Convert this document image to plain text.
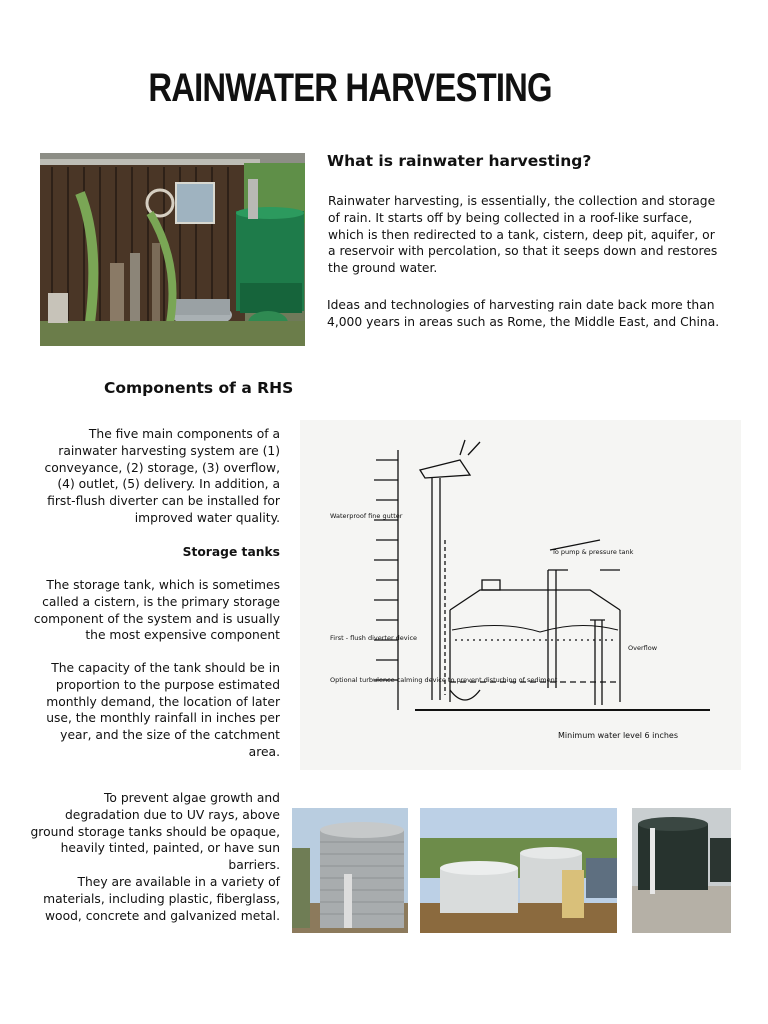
RAINWATER HARVESTING
What is rainwater harvesting?

Rainwater harvesting, is essentially, the collection and storage of rain. It starts off by being collected in a roof-like surface, which is then redirected to a tank, cistern, deep pit, aquifer, or a reservoir with percolation, so that it seeps down and restores the ground water.

Ideas and technologies of harvesting rain date back more than 4,000 years in areas such as Rome, the Middle East, and China.

Components of a RHS

The five main components of a rainwater harvesting system are (1) conveyance, (2) storage, (3) overflow, (4) outlet, (5) delivery. In addition, a first-flush diverter can be installed for improved water quality.

Storage tanks

The storage tank, which is sometimes called a cistern, is the primary storage component of the system and is usually the most expensive component

The capacity of the tank should be in proportion to the purpose estimated monthly demand, the location of later use, the monthly rainfall in inches per year, and the size of the catchment area.

To prevent algae growth and degradation due to UV rays, above ground storage tanks should be opaque, heavily tinted, painted, or have sun barriers.

They are available in a variety of materials, including plastic, fiberglass, wood, concrete and galvanized metal.

Waterproof fine gutter
First - flush diverter device
Optional turbulence calming device to prevent disturbing of sediment
Minimum water level 6 inches
To pump & pressure tank
Overflow
